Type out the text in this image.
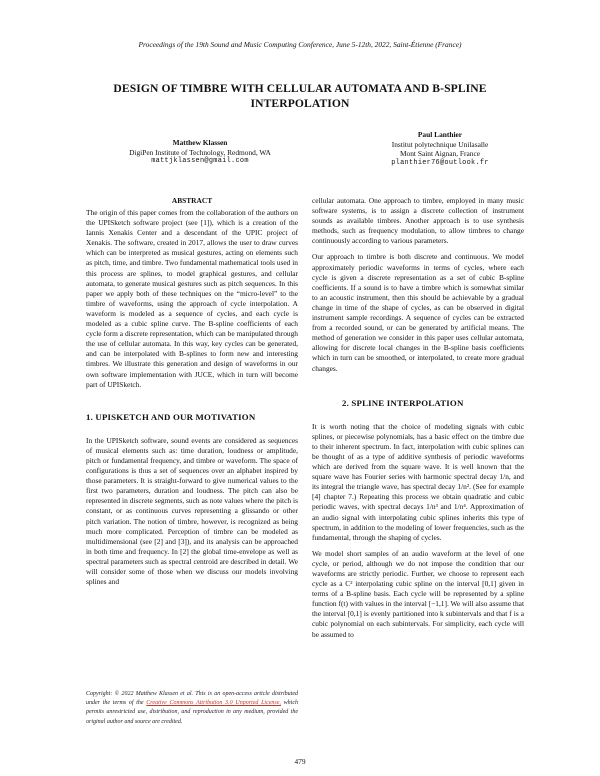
Proceedings of the 19th Sound and Music Computing Conference, June 5-12th, 2022, Saint-Étienne (France)
DESIGN OF TIMBRE WITH CELLULAR AUTOMATA AND B-SPLINE
INTERPOLATION
Matthew Klassen
DigiPen Institute of Technology, Redmond, WA
mattjklassen@gmail.com
Paul Lanthier
Institut polytechnique Unilasalle
Mont Saint Aignan, France
planthier76@outlook.fr
ABSTRACT

The origin of this paper comes from the collaboration of the authors on the UPISketch software project (see [1]), which is a creation of the Iannis Xenakis Center and a descendant of the UPIC project of Xenakis. The software, created in 2017, allows the user to draw curves which can be interpreted as musical gestures, acting on elements such as pitch, time, and timbre. Two fundamental mathematical tools used in this process are splines, to model graphical gestures, and cellular automata, to generate musical gestures such as pitch sequences. In this paper we apply both of these techniques on the “micro-level” to the timbre of waveforms, using the approach of cycle interpolation. A waveform is modeled as a sequence of cycles, and each cycle is modeled as a cubic spline curve. The B-spline coefficients of each cycle form a discrete representation, which can be manipulated through the use of cellular automata. In this way, key cycles can be generated, and can be interpolated with B-splines to form new and interesting timbres. We illustrate this generation and design of waveforms in our own software implementation with JUCE, which in turn will become part of UPISketch.

1. UPISKETCH AND OUR MOTIVATION

In the UPISketch software, sound events are considered as sequences of musical elements such as: time duration, loudness or amplitude, pitch or fundamental frequency, and timbre or waveform. The space of configurations is thus a set of sequences over an alphabet inspired by those parameters. It is straight-forward to give numerical values to the first two parameters, duration and loudness. The pitch can also be represented in discrete segments, such as note values where the pitch is constant, or as continuous curves representing a glissando or other pitch variation. The notion of timbre, however, is recognized as being much more complicated. Perception of timbre can be modeled as multidimensional (see [2] and [3]), and its analysis can be approached in both time and frequency. In [2] the global time-envelope as well as spectral parameters such as spectral centroid are described in detail. We will consider some of those when we discuss our models involving splines and

cellular automata. One approach to timbre, employed in many music software systems, is to assign a discrete collection of instrument sounds as available timbres. Another approach is to use synthesis methods, such as frequency modulation, to allow timbres to change continuously according to various parameters.

Our approach to timbre is both discrete and continuous. We model approximately periodic waveforms in terms of cycles, where each cycle is given a discrete representation as a set of cubic B-spline coefficients. If a sound is to have a timbre which is somewhat similar to an acoustic instrument, then this should be achievable by a gradual change in time of the shape of cycles, as can be observed in digital instrument sample recordings. A sequence of cycles can be extracted from a recorded sound, or can be generated by artificial means. The method of generation we consider in this paper uses cellular automata, allowing for discrete local changes in the B-spline basis coefficients which in turn can be smoothed, or interpolated, to create more gradual changes.

2. SPLINE INTERPOLATION

It is worth noting that the choice of modeling signals with cubic splines, or piecewise polynomials, has a basic effect on the timbre due to their inherent spectrum. In fact, interpolation with cubic splines can be thought of as a type of additive synthesis of periodic waveforms which are derived from the square wave. It is well known that the square wave has Fourier series with harmonic spectral decay 1/n, and its integral the triangle wave, has spectral decay 1/n². (See for example [4] chapter 7.) Repeating this process we obtain quadratic and cubic periodic waves, with spectral decays 1/n³ and 1/n⁴. Approximation of an audio signal with interpolating cubic splines inherits this type of spectrum, in addition to the modeling of lower frequencies, such as the fundamental, through the shaping of cycles.

We model short samples of an audio waveform at the level of one cycle, or period, although we do not impose the condition that our waveforms are strictly periodic. Further, we choose to represent each cycle as a C² interpolating cubic spline on the interval [0,1] given in terms of a B-spline basis. Each cycle will be represented by a spline function f(t) with values in the interval [−1,1]. We will also assume that the interval [0,1] is evenly partitioned into k subintervals and that f is a cubic polynomial on each subintervals. For simplicity, each cycle will be assumed to

Copyright: © 2022 Matthew Klassen et al. This is an open-access article distributed under the terms of the Creative Commons Attribution 3.0 Unported License, which permits unrestricted use, distribution, and reproduction in any medium, provided the original author and source are credited.
479
